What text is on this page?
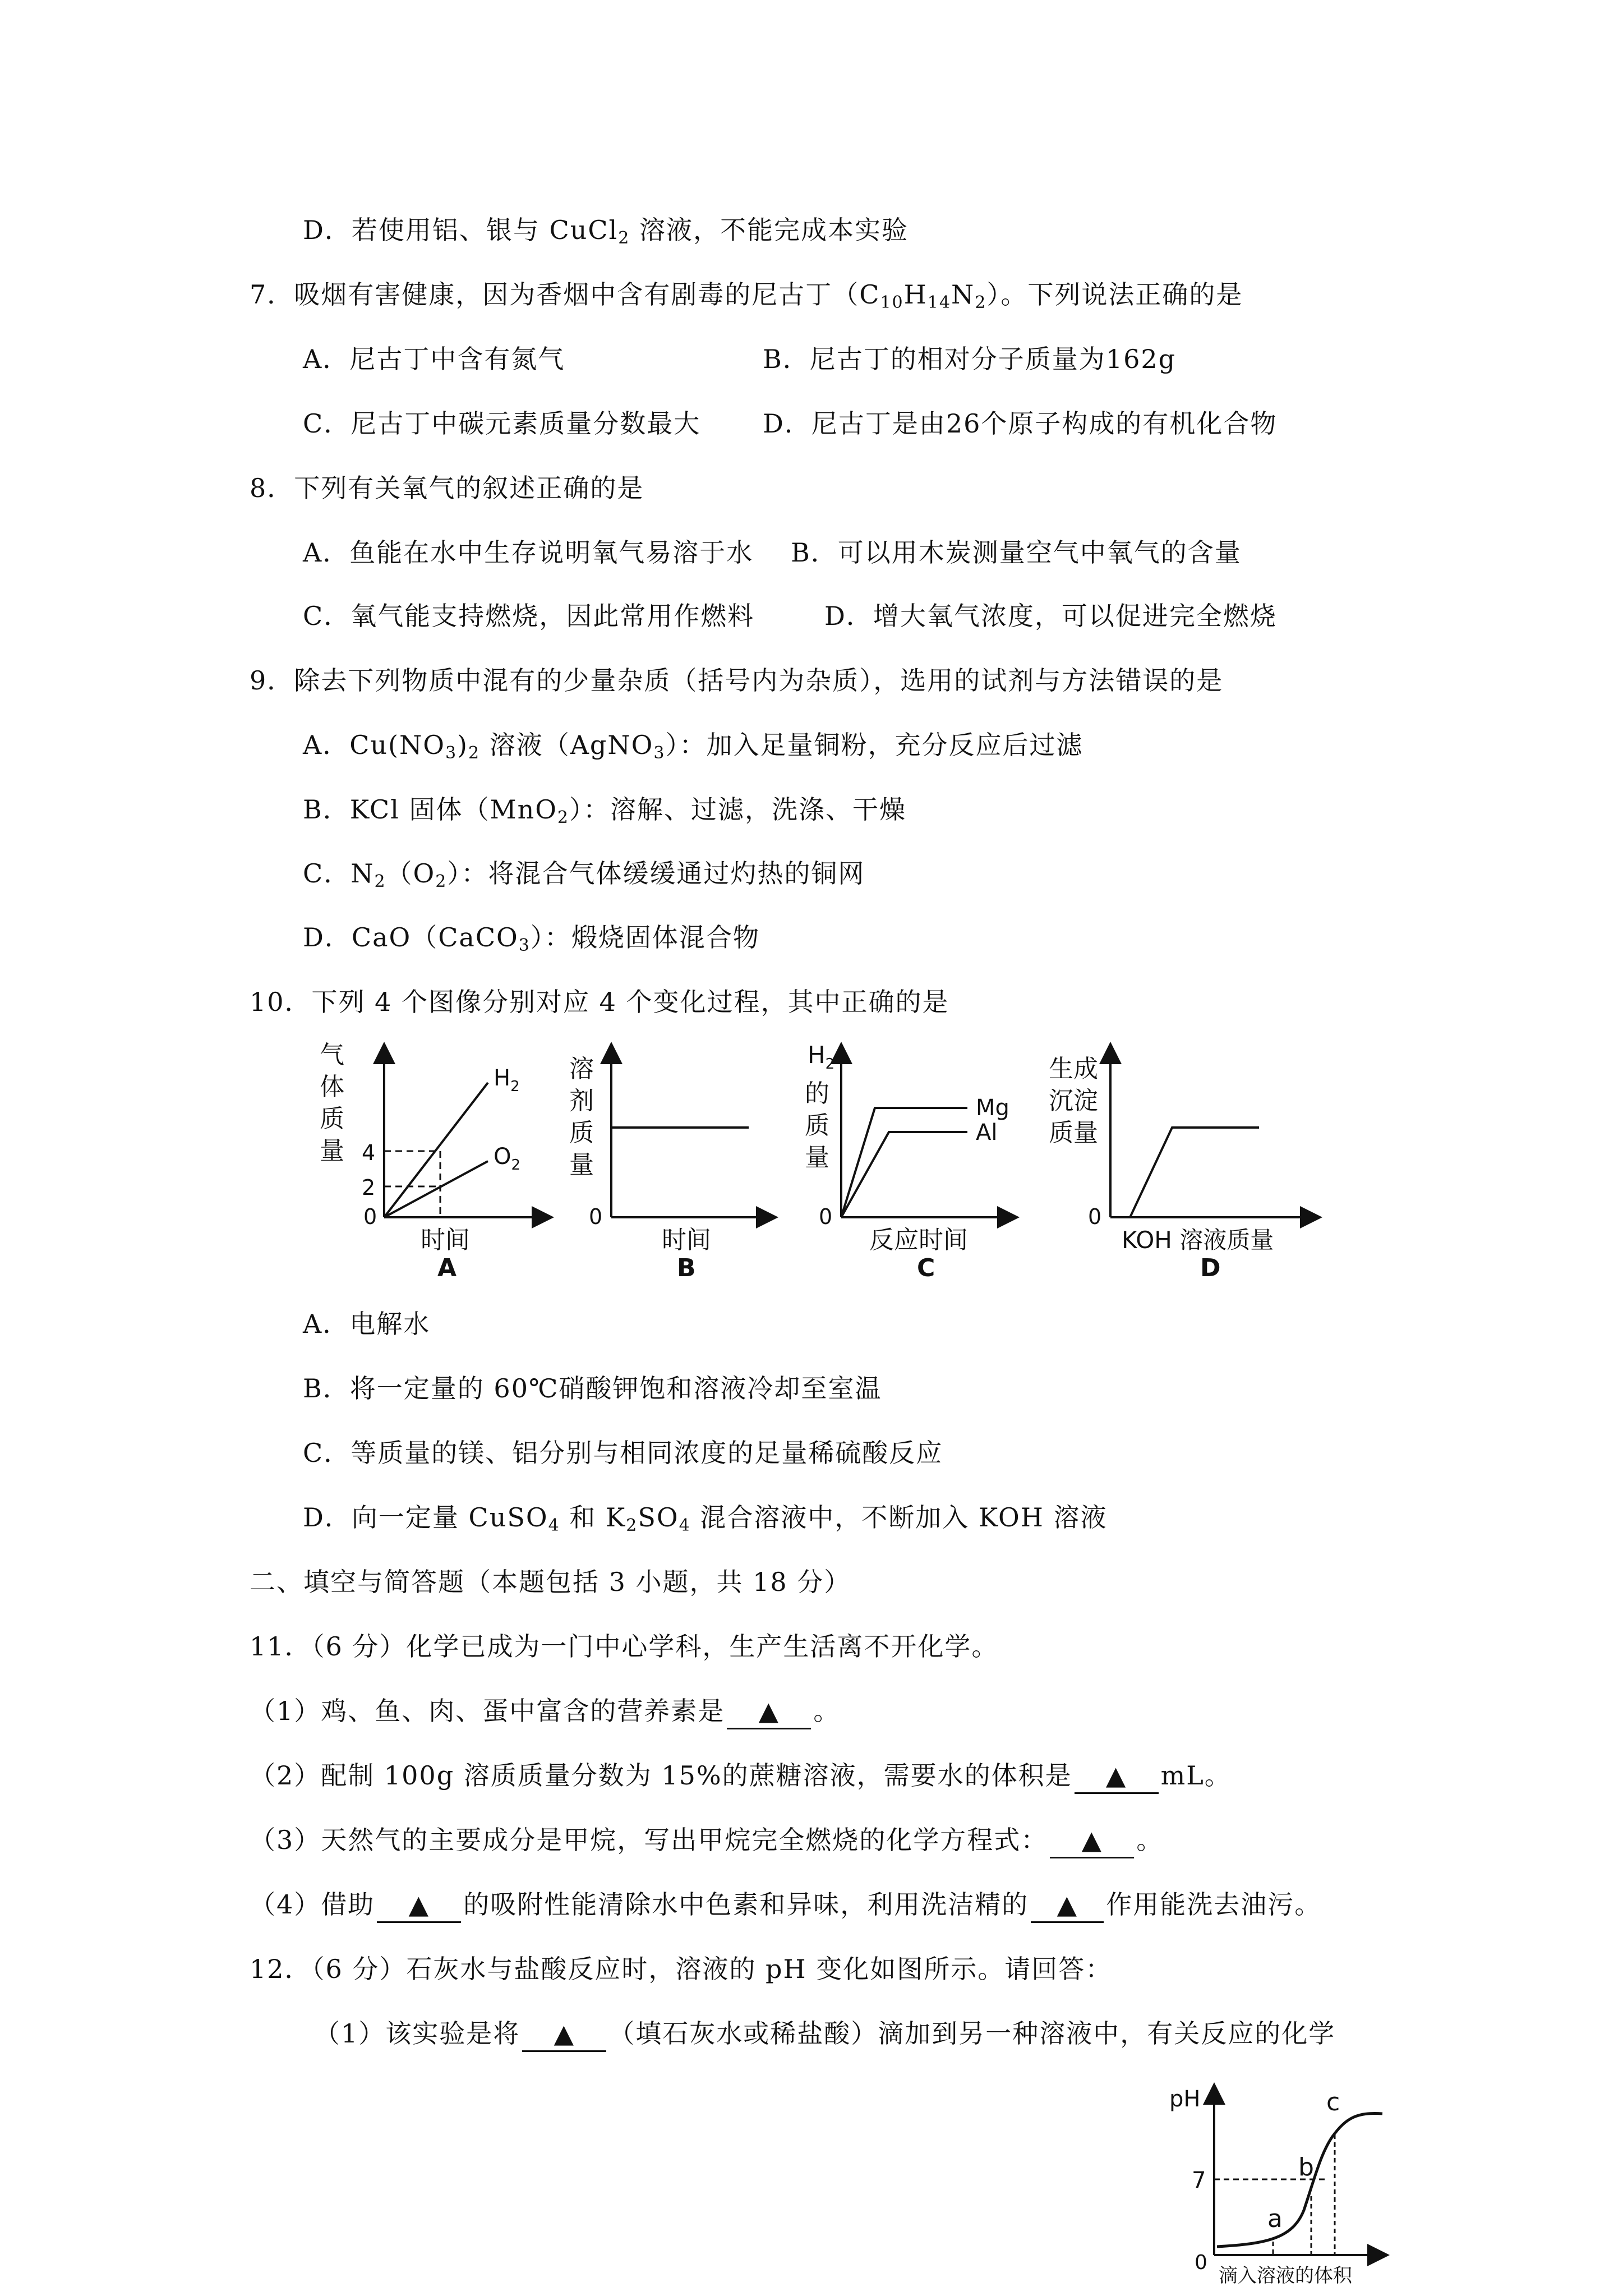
D．若使用铝、银与 CuCl$_2$ 溶液，不能完成本实验
7．吸烟有害健康，因为香烟中含有剧毒的尼古丁$(C_{10}H_{14}N_2)$。下列说法正确的是
A．尼古丁中含有氮气	B．尼古丁的相对分子质量为162g
C．尼古丁中碳元素质量分数最大 D．尼古丁是由26个原子构成的有机化合物
8．下列有关氧气的叙述正确的是
A．鱼能在水中生存说明氧气易溶于水 B．可以用木炭测量空气中氧气的含量
C．氧气能支持燃烧，因此常用作燃料	D．增大氧气浓度，可以促进完全燃烧
9．除去下列物质中混有的少量杂质（括号内为杂质），选用的试剂与方法错误的是
A．$Cu(NO_3)_2$ 溶液（AgNO$_3$）：加入足量铜粉，充分反应后过滤
B．KCl 固体（MnO$_2$）：溶解、过滤，洗涤、干燥
C．$N_2(O_2)$：将混合气体缓缓通过灼热的铜网
D．CaO（CaCO$_3$）：煅烧固体混合物
10．下列 4 个图像分别对应 4 个变化过程，其中正确的是
气
体
质
量 4
2
0
$H_2$
$O_2$
时间
A
溶
剂
质
量
0
时间
B
$H_2$
的
质
量
0
Mg
Al
反应时间
C
生成
沉淀
质量
0
KOH 溶液质量
D
A．电解水
B．将一定量的 60℃硝酸钾饱和溶液冷却至室温
C．等质量的镁、铝分别与相同浓度的足量稀硫酸反应
D．向一定量 CuSO$_4$ 和 $K_2SO_4$ 混合溶液中，不断加入 KOH 溶液
二、填空与简答题（本题包括 3 小题，共 18 分）
11．（6 分）化学已成为一门中心学科，生产生活离不开化学。
（1）鸡、鱼、肉、蛋中富含的营养素是 ▲ 。
（2）配制 100g 溶质质量分数为 15%的蔗糖溶液，需要水的体积是 ▲ mL。
（3）天然气的主要成分是甲烷，写出甲烷完全燃烧的化学方程式： ▲ 。
（4）借助 ▲ 的吸附性能清除水中色素和异味，利用洗洁精的 ▲ 作用能洗去油污。
12．（6 分）石灰水与盐酸反应时，溶液的 pH 变化如图所示。请回答：
（1）该实验是将 ▲ （填石灰水或稀盐酸）滴加到另一种溶液中，有关反应的化学
pH
7
0
a
b
c
滴入溶液的体积
